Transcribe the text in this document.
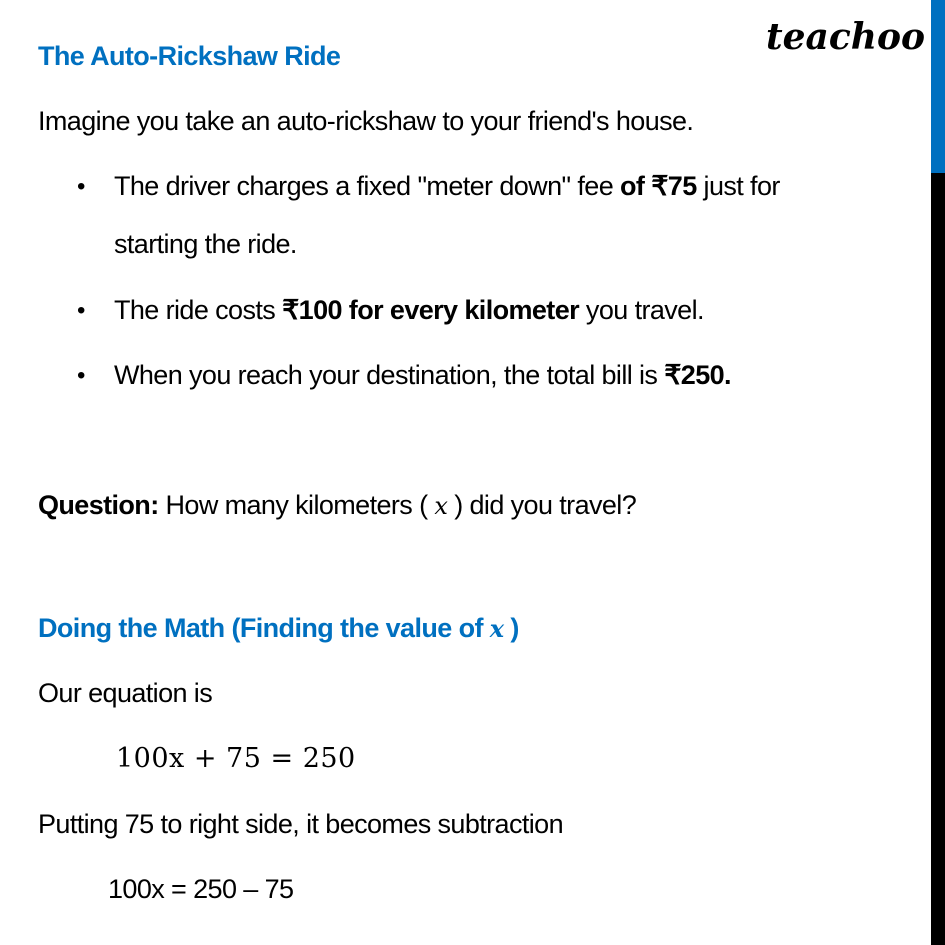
teachoo
The Auto-Rickshaw Ride
Imagine you take an auto-rickshaw to your friend's house.
• The driver charges a fixed "meter down" fee of ₹75 just for
starting the ride.
• The ride costs ₹100 for every kilometer you travel.
• When you reach your destination, the total bill is ₹250.
Question: How many kilometers ( x ) did you travel?
Doing the Math (Finding the value of x )
Our equation is
100x + 75 = 250
Putting 75 to right side, it becomes subtraction
100x = 250 – 75
